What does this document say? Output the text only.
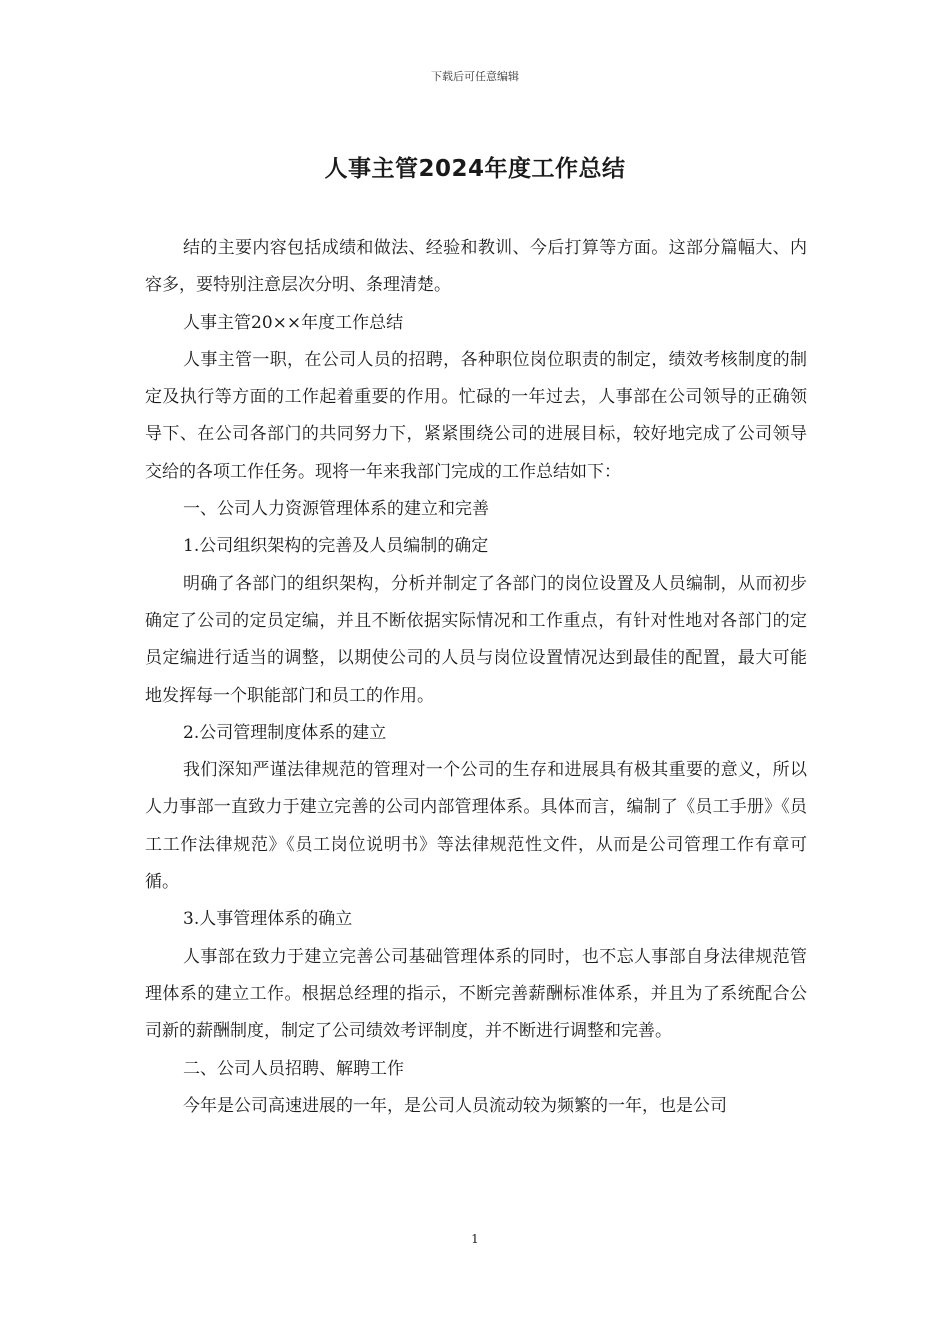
下载后可任意编辑
人事主管2024年度工作总结

结的主要内容包括成绩和做法、经验和教训、今后打算等方面。这部分篇幅大、内容多，要特别注意层次分明、条理清楚。

人事主管20××年度工作总结

人事主管一职，在公司人员的招聘，各种职位岗位职责的制定，绩效考核制度的制定及执行等方面的工作起着重要的作用。忙碌的一年过去，人事部在公司领导的正确领导下、在公司各部门的共同努力下，紧紧围绕公司的进展目标，较好地完成了公司领导交给的各项工作任务。现将一年来我部门完成的工作总结如下：

一、公司人力资源管理体系的建立和完善

1.公司组织架构的完善及人员编制的确定

明确了各部门的组织架构，分析并制定了各部门的岗位设置及人员编制，从而初步确定了公司的定员定编，并且不断依据实际情况和工作重点，有针对性地对各部门的定员定编进行适当的调整，以期使公司的人员与岗位设置情况达到最佳的配置，最大可能地发挥每一个职能部门和员工的作用。

2.公司管理制度体系的建立

我们深知严谨法律规范的管理对一个公司的生存和进展具有极其重要的意义，所以人力事部一直致力于建立完善的公司内部管理体系。具体而言，编制了《员工手册》《员工工作法律规范》《员工岗位说明书》等法律规范性文件，从而是公司管理工作有章可循。

3.人事管理体系的确立

人事部在致力于建立完善公司基础管理体系的同时，也不忘人事部自身法律规范管理体系的建立工作。根据总经理的指示，不断完善薪酬标准体系，并且为了系统配合公司新的薪酬制度，制定了公司绩效考评制度，并不断进行调整和完善。

二、公司人员招聘、解聘工作

今年是公司高速进展的一年，是公司人员流动较为频繁的一年，也是公司

1
